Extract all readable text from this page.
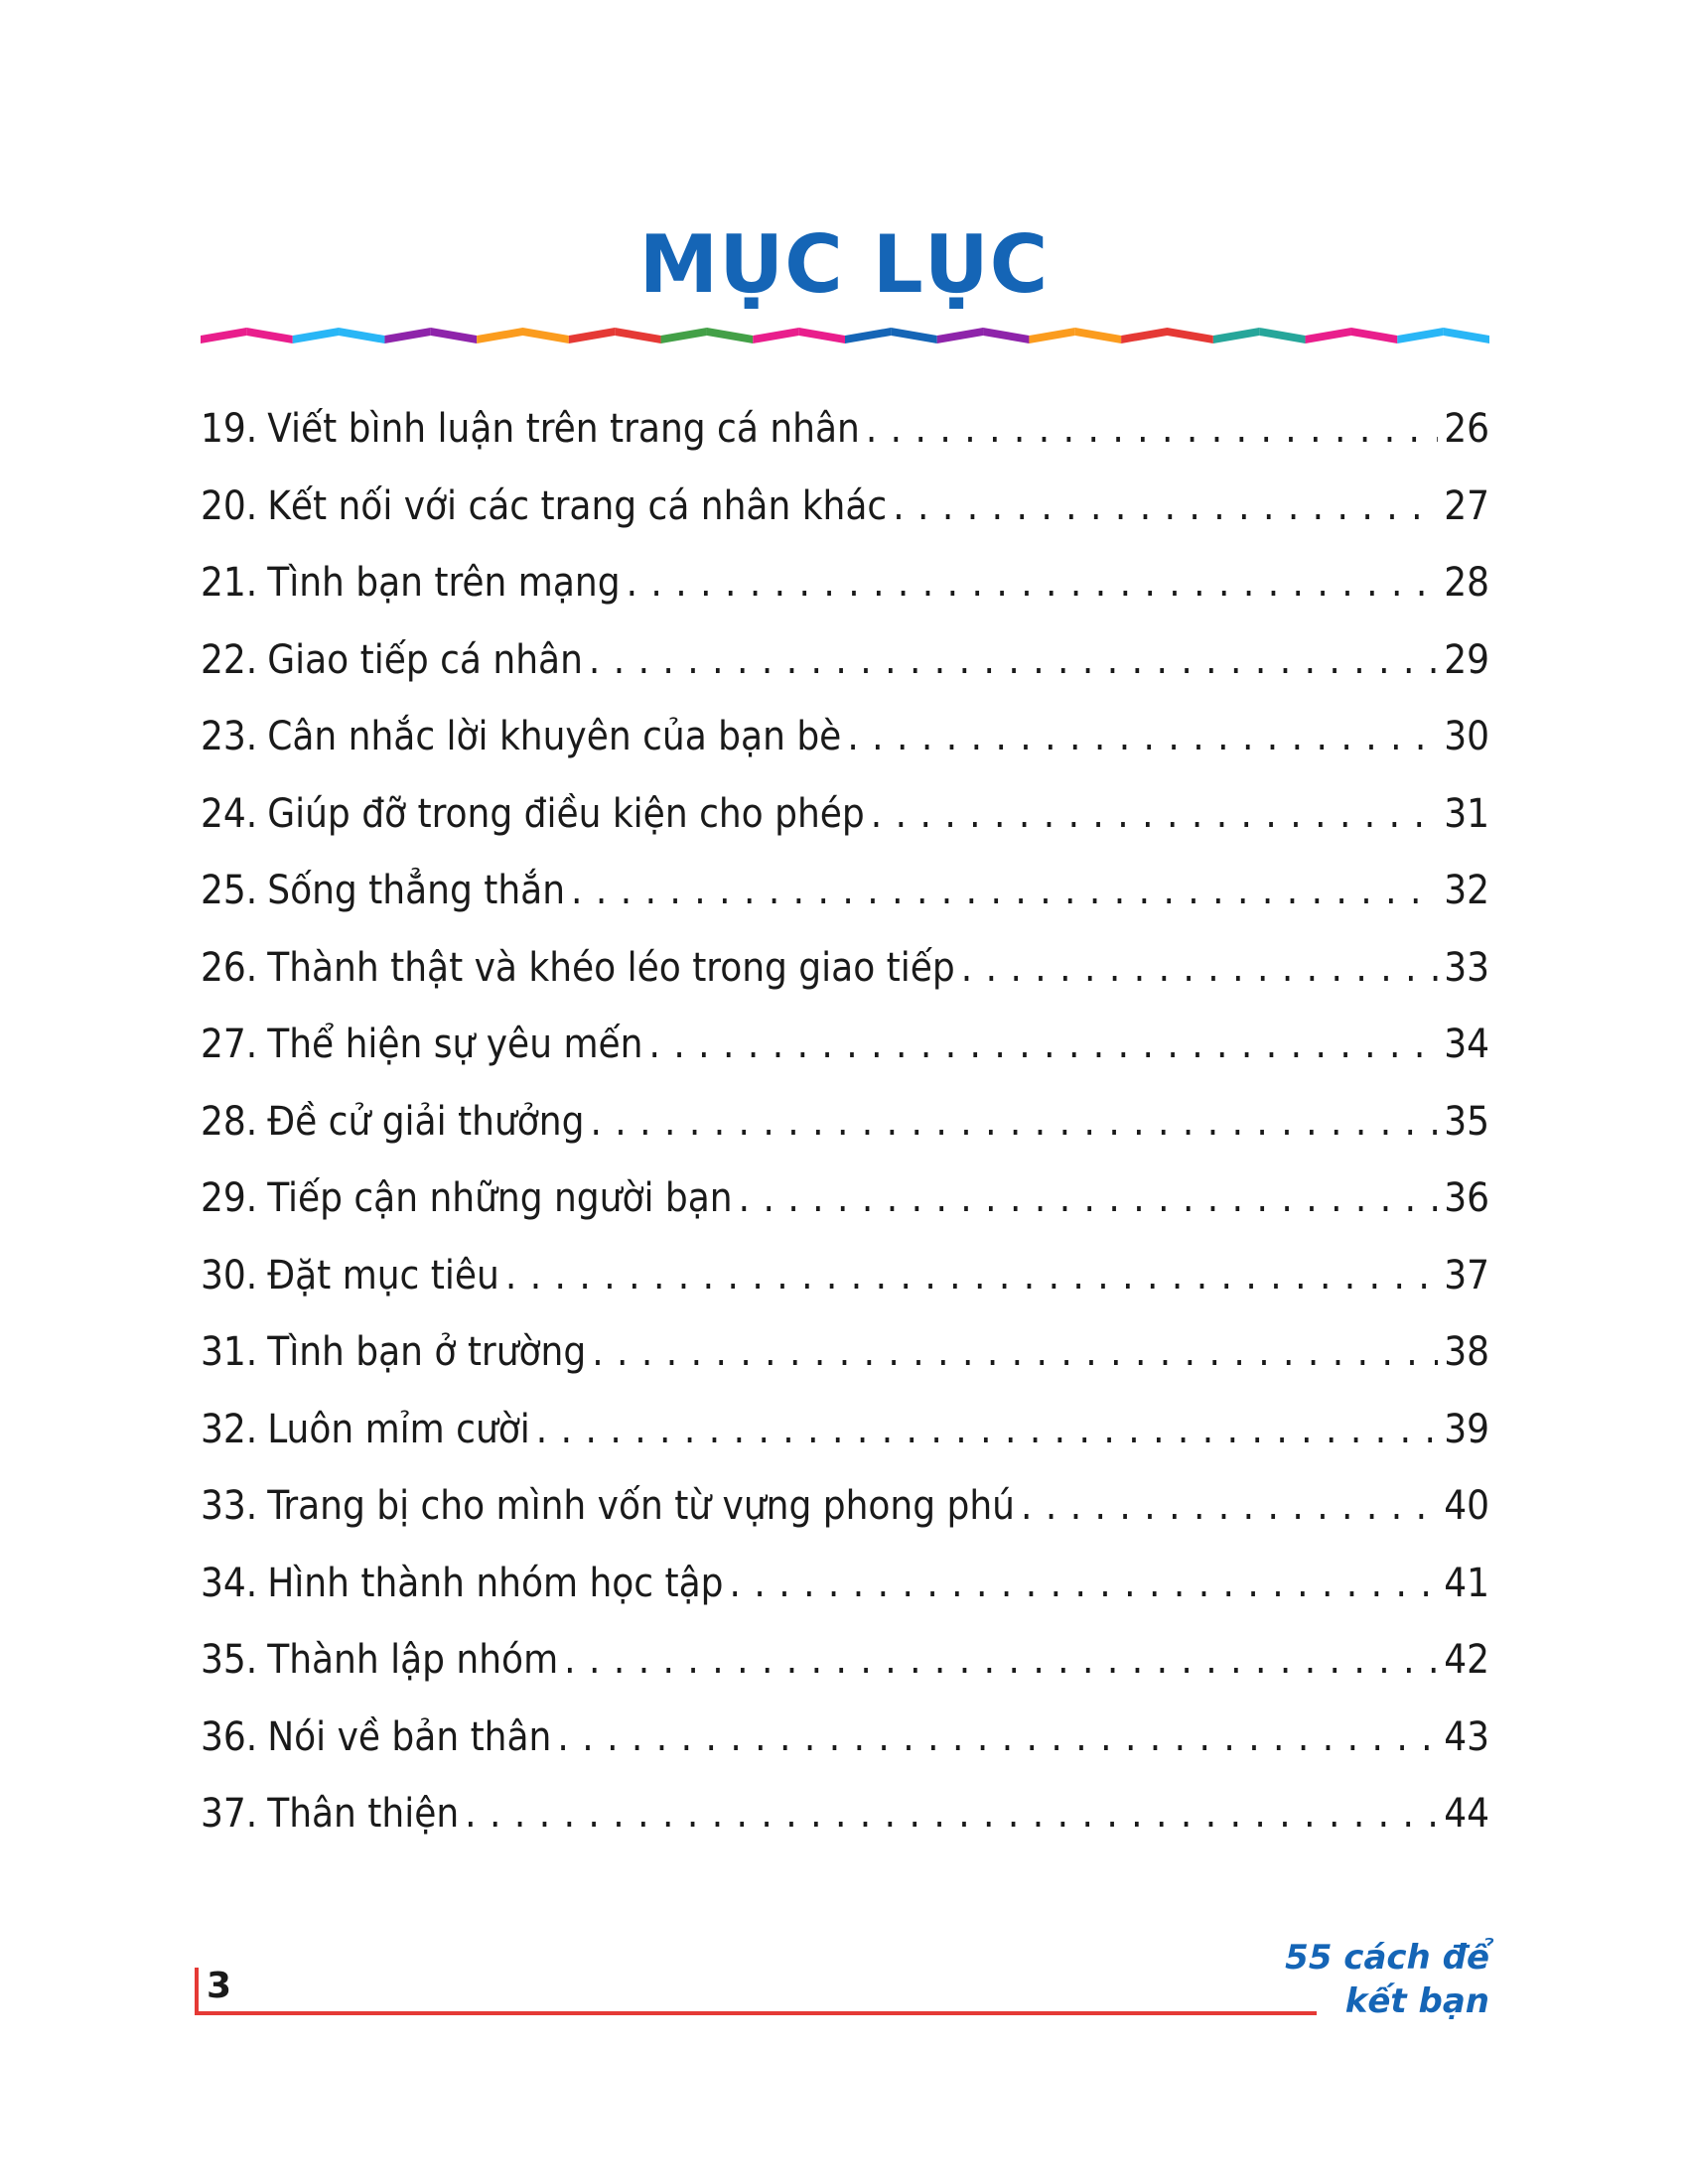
MỤC LỤC
19. Viết bình luận trên trang cá nhân . . .	26
20. Kết nối với các trang cá nhân khác . . .	27
21. Tình bạn trên mạng . . .	28
22. Giao tiếp cá nhân . . .	29
23. Cân nhắc lời khuyên của bạn bè . . .	30
24. Giúp đỡ trong điều kiện cho phép . . .	31
25. Sống thẳng thắn . . .	32
26. Thành thật và khéo léo trong giao tiếp . . .	33
27. Thể hiện sự yêu mến . . .	34
28. Đề cử giải thưởng . . .	35
29. Tiếp cận những người bạn . . .	36
30. Đặt mục tiêu . . .	37
31. Tình bạn ở trường . . .	38
32. Luôn mỉm cười . . .	39
33. Trang bị cho mình vốn từ vựng phong phú . . .	40
34. Hình thành nhóm học tập . . .	41
35. Thành lập nhóm . . .	42
36. Nói về bản thân . . .	43
37. Thân thiện . . .	44
3
55 cách để
kết bạn
